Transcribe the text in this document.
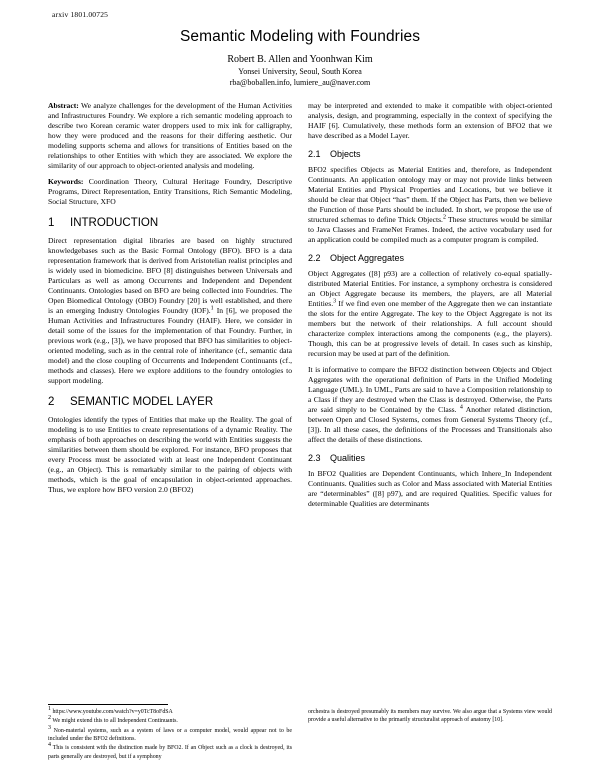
arxiv 1801.00725
Semantic Modeling with Foundries
Robert B. Allen and Yoonhwan Kim
Yonsei University, Seoul, South Korea
rba@boballen.info, lumiere_au@naver.com

Abstract: We analyze challenges for the development of the Human Activities and Infrastructures Foundry. We explore a rich semantic modeling approach to describe two Korean ceramic water droppers used to mix ink for calligraphy, how they were produced and the reasons for their differing aesthetic. Our modeling supports schema and allows for transitions of Entities based on the relationships to other Entities with which they are associated. We explore the similarity of our approach to object-oriented analysis and modeling.

Keywords: Coordination Theory, Cultural Heritage Foundry, Descriptive Programs, Direct Representation, Entity Transitions, Rich Semantic Modeling, Social Structure, XFO

1	INTRODUCTION

Direct representation digital libraries are based on highly structured knowledgebases such as the Basic Formal Ontology (BFO). BFO is a data representation framework that is derived from Aristotelian realist principles and is widely used in biomedicine. BFO [8] distinguishes between Universals and Particulars as well as among Occurrents and Independent and Dependent Continuants. Ontologies based on BFO are being collected into Foundries. The Open Biomedical Ontology (OBO) Foundry [20] is well established, and there is an emerging Industry Ontologies Foundry (IOF).$^1$ In [6], we proposed the Human Activities and Infrastructures Foundry (HAIF). Here, we consider in detail some of the issues for the implementation of that Foundry. Further, in previous work (e.g., [3]), we have proposed that BFO has similarities to object-oriented modeling, such as in the central role of inheritance (cf., semantic data model) and the close coupling of Occurrents and Independent Continuants (cf., methods and classes). Here we explore additions to the foundry ontologies to support modeling.

2	SEMANTIC MODEL LAYER

Ontologies identify the types of Entities that make up the Reality. The goal of modeling is to use Entities to create representations of a dynamic Reality. The emphasis of both approaches on describing the world with Entities suggests the similarities between them should be explored. For instance, BFO proposes that every Process must be associated with at least one Independent Continuant (e.g., an Object). This is remarkably similar to the pairing of objects with methods, which is the goal of encapsulation in object-oriented approaches. Thus, we explore how BFO version 2.0 (BFO2)

may be interpreted and extended to make it compatible with object-oriented analysis, design, and programming, especially in the context of specifying the HAIF [6]. Cumulatively, these methods form an extension of BFO2 that we have described as a Model Layer.

2.1	Objects

BFO2 specifies Objects as Material Entities and, therefore, as Independent Continuants. An application ontology may or may not provide links between Material Entities and Physical Properties and Locations, but we believe it should be clear that Object “has” them. If the Object has Parts, then we believe the Function of those Parts should be included. In short, we propose the use of structured schemas to define Thick Objects.$^2$ These structures would be similar to Java Classes and FrameNet Frames. Indeed, the active vocabulary used for an application could be compiled much as a computer program is compiled.

2.2	Object Aggregates

Object Aggregates ([8] p93) are a collection of relatively co-equal spatially-distributed Material Entities. For instance, a symphony orchestra is considered an Object Aggregate because its members, the players, are all Material Entities.$^3$ If we find even one member of the Aggregate then we can instantiate the slots for the entire Aggregate. The key to the Object Aggregate is not its members but the network of their relationships. A full account should characterize complex interactions among the components (e.g., the players). Though, this can be at progressive levels of detail. In cases such as kinship, recursion may be used at part of the definition.

It is informative to compare the BFO2 distinction between Objects and Object Aggregates with the operational definition of Parts in the Unified Modeling Language (UML). In UML, Parts are said to have a Composition relationship to a Class if they are destroyed when the Class is destroyed. Otherwise, the Parts are said simply to be Contained by the Class. $^4$ Another related distinction, between Open and Closed Systems, comes from General Systems Theory (cf., [3]). In all these cases, the definitions of the Processes and Transitionals also affect the details of these distinctions.

2.3	Qualities

In BFO2 Qualities are Dependent Continuants, which Inhere_In Independent Continuants. Qualities such as Color and Mass associated with Material Entities are “determinables” ([8] p97), and are required Qualities. Specific values for determinable Qualities are determinants

$^1$ https://www.youtube.com/watch?v=y0TcT8oFdSA

$^2$ We might extend this to all Independent Continuants.

$^3$ Non-material systems, such as a system of laws or a computer model, would appear not to be included under the BFO2 definitions.

$^4$ This is consistent with the distinction made by BFO2. If an Object such as a clock is destroyed, its parts generally are destroyed, but if a symphony

orchestra is destroyed presumably its members may survive. We also argue that a Systems view would provide a useful alternative to the primarily structuralist approach of anatomy [10].
